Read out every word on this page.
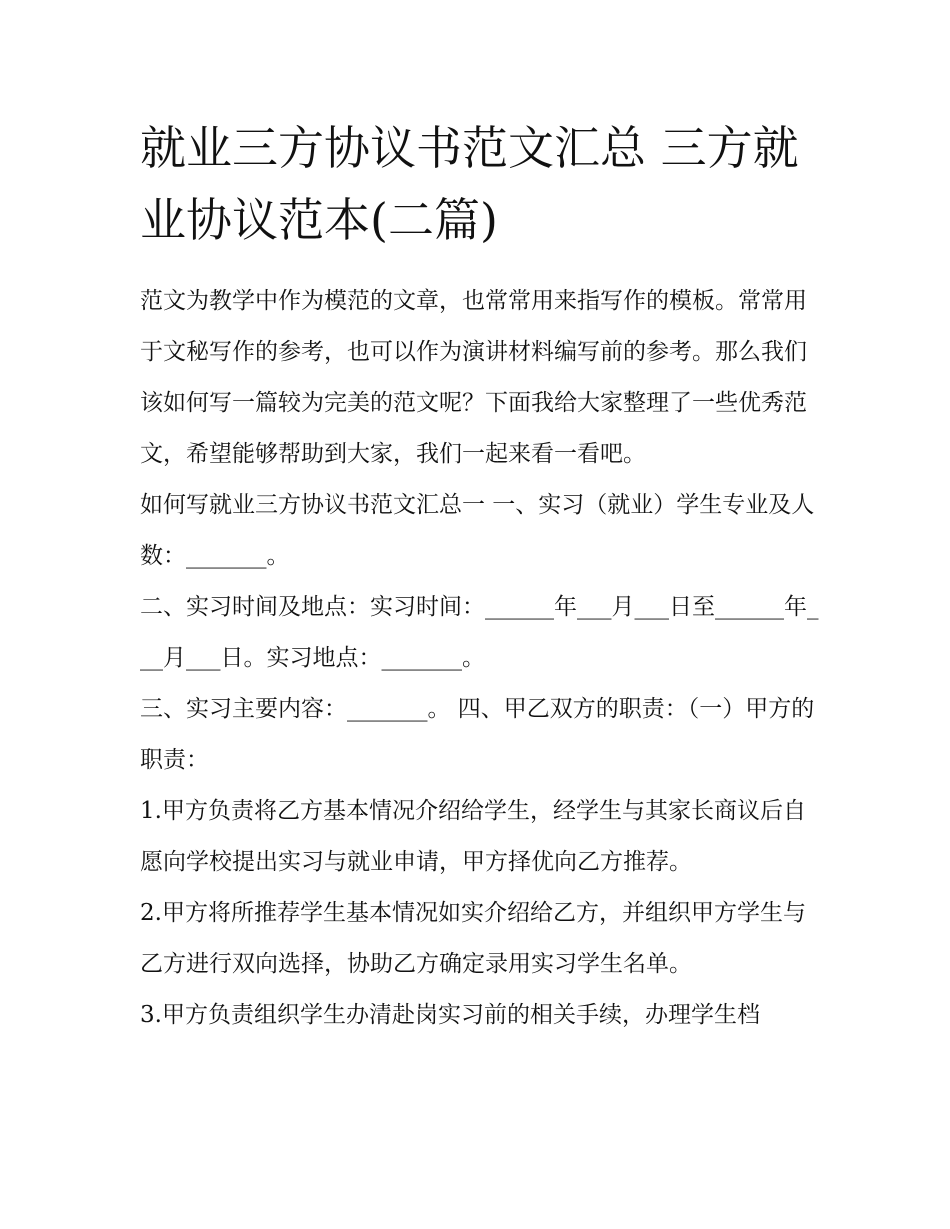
就业三方协议书范文汇总 三方就业协议范本(二篇)

范文为教学中作为模范的文章，也常常用来指写作的模板。常常用于文秘写作的参考，也可以作为演讲材料编写前的参考。那么我们该如何写一篇较为完美的范文呢？下面我给大家整理了一些优秀范文，希望能够帮助到大家，我们一起来看一看吧。

如何写就业三方协议书范文汇总一 一、实习（就业）学生专业及人数：_______。

二、实习时间及地点：实习时间：______年___月___日至______年___月___日。实习地点：_______。

三、实习主要内容：_______。 四、甲乙双方的职责：（一）甲方的职责：

1.甲方负责将乙方基本情况介绍给学生，经学生与其家长商议后自愿向学校提出实习与就业申请，甲方择优向乙方推荐。

2.甲方将所推荐学生基本情况如实介绍给乙方，并组织甲方学生与乙方进行双向选择，协助乙方确定录用实习学生名单。

3.甲方负责组织学生办清赴岗实习前的相关手续，办理学生档
